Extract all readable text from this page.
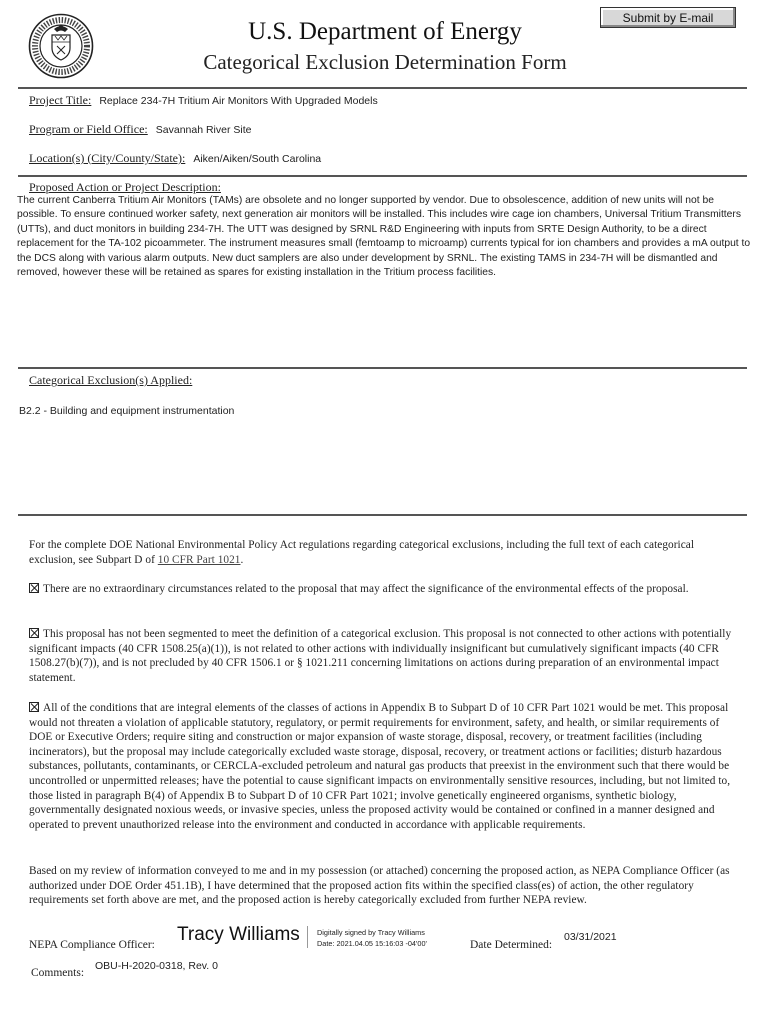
U.S. Department of Energy
Categorical Exclusion Determination Form
Submit by E-mail
Project Title: Replace 234-7H Tritium Air Monitors With Upgraded Models
Program or Field Office: Savannah River Site
Location(s) (City/County/State): Aiken/Aiken/South Carolina
Proposed Action or Project Description:
The current Canberra Tritium Air Monitors (TAMs) are obsolete and no longer supported by vendor. Due to obsolescence, addition of new units will not be possible. To ensure continued worker safety, next generation air monitors will be installed. This includes wire cage ion chambers, Universal Tritium Transmitters (UTTs), and duct monitors in building 234-7H. The UTT was designed by SRNL R&D Engineering with inputs from SRTE Design Authority, to be a direct replacement for the TA-102 picoammeter. The instrument measures small (femtoamp to microamp) currents typical for ion chambers and provides a mA output to the DCS along with various alarm outputs. New duct samplers are also under development by SRNL. The existing TAMS in 234-7H will be dismantled and removed, however these will be retained as spares for existing installation in the Tritium process facilities.
Categorical Exclusion(s) Applied:
B2.2 - Building and equipment instrumentation
For the complete DOE National Environmental Policy Act regulations regarding categorical exclusions, including the full text of each categorical exclusion, see Subpart D of 10 CFR Part 1021.
There are no extraordinary circumstances related to the proposal that may affect the significance of the environmental effects of the proposal.
This proposal has not been segmented to meet the definition of a categorical exclusion. This proposal is not connected to other actions with potentially significant impacts (40 CFR 1508.25(a)(1)), is not related to other actions with individually insignificant but cumulatively significant impacts (40 CFR 1508.27(b)(7)), and is not precluded by 40 CFR 1506.1 or § 1021.211 concerning limitations on actions during preparation of an environmental impact statement.
All of the conditions that are integral elements of the classes of actions in Appendix B to Subpart D of 10 CFR Part 1021 would be met. This proposal would not threaten a violation of applicable statutory, regulatory, or permit requirements for environment, safety, and health, or similar requirements of DOE or Executive Orders; require siting and construction or major expansion of waste storage, disposal, recovery, or treatment facilities (including incinerators), but the proposal may include categorically excluded waste storage, disposal, recovery, or treatment actions or facilities; disturb hazardous substances, pollutants, contaminants, or CERCLA-excluded petroleum and natural gas products that preexist in the environment such that there would be uncontrolled or unpermitted releases; have the potential to cause significant impacts on environmentally sensitive resources, including, but not limited to, those listed in paragraph B(4) of Appendix B to Subpart D of 10 CFR Part 1021; involve genetically engineered organisms, synthetic biology, governmentally designated noxious weeds, or invasive species, unless the proposed activity would be contained or confined in a manner designed and operated to prevent unauthorized release into the environment and conducted in accordance with applicable requirements.
Based on my review of information conveyed to me and in my possession (or attached) concerning the proposed action, as NEPA Compliance Officer (as authorized under DOE Order 451.1B), I have determined that the proposed action fits within the specified class(es) of action, the other regulatory requirements set forth above are met, and the proposed action is hereby categorically excluded from further NEPA review.
NEPA Compliance Officer: Tracy Williams Digitally signed by Tracy Williams
Date: 2021.04.05 15:16:03 -04'00'	Date Determined:
03/31/2021
Comments:
OBU-H-2020-0318, Rev. 0
